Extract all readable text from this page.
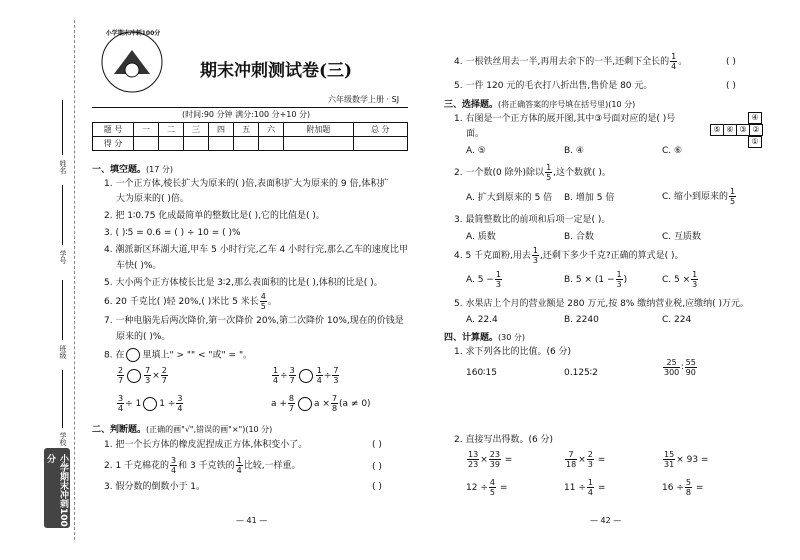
姓名
学号
班级
学校
小学期末冲刺100分
小学期末冲刺100分
期末冲刺测试卷(三)
六年级数学上册 · SJ
(时间:90 分钟 满分:100 分+10 分)
题 号	一	二	三	四	五	六	附加题	总 分
得 分								
一、填空题。(17 分)
1. 一个正方体,棱长扩大为原来的( )倍,表面积扩大为原来的 9 倍,体积扩
大为原来的( )倍。
2. 把 1∶0.75 化成最简单的整数比是( ),它的比值是( )。
3. ( )∶5 = 0.6 = ( ) ÷ 10 = ( )%
4. 潮派新区环湖大道,甲车 5 小时行完,乙车 4 小时行完,那么乙车的速度比甲
车快( )%。
5. 大小两个正方体棱长比是 3∶2,那么表面积的比是( ),体积的比是( )。
6. 20 千克比( )轻 20%,( )米比 5 米长 $\frac{4}{5}$ 。
7. 一种电脑先后两次降价,第一次降价 20%,第二次降价 10%,现在的价钱是
原来的( )%。
8. 在 里填上" > "" < "或" = "。
$\frac{2}{7}$	$\frac{7}{3} \times \frac{2}{7}$	$\frac{1}{4} \div \frac{3}{7}$	$\frac{1}{4} \div \frac{7}{3}$
$\frac{3}{4} \div 1$ $1 \div \frac{3}{4}$	$a + \frac{8}{7}$ $a \times \frac{7}{8} (a \ne 0)$
二、判断题。(正确的画"√",错误的画"×")(10 分)
1. 把一个长方体的橡皮泥捏成正方体,体积变小了。	( )
2. 1 千克棉花的 $\frac{3}{4}$ 和 3 千克铁的 $\frac{1}{4}$ 比较,一样重。	( )
3. 假分数的倒数小于 1。	( )
— 41 —
4. 一根铁丝用去一半,再用去余下的一半,还剩下全长的 $\frac{1}{4}$ 。	( )
5. 一件 120 元的毛衣打八折出售,售价是 80 元。	( )
三、选择题。(将正确答案的序号填在括号里)(10 分)
1. 右图是一个正方体的展开图,其中③号面对应的是( )号
面。
④
⑤ ⑥ ③ ②
①
A. ⑤	B. ④	C. ⑥
2. 一个数(0 除外)除以 $\frac{1}{5}$ ,这个数就( )。
A. 扩大到原来的 5 倍 B. 增加 5 倍	C. 缩小到原来的 $\frac{1}{5}$
3. 最简整数比的前项和后项一定是( )。
A. 质数	B. 合数	C. 互质数
4. 5 千克面粉,用去 $\frac{1}{3}$ ,还剩下多少千克?正确的算式是( )。
A. $5 - \frac{1}{3}$	B. $5 \times (1 - \frac{1}{3}$ )	C. $5 \times \frac{1}{3}$
5. 水果店上个月的营业额是 280 万元,按 8% 缴纳营业税,应缴纳( )万元。
A. 22.4	B. 2240	C. 224
四、计算题。(30 分)
1. 求下列各比的比值。(6 分)
160∶15	0.125∶2	$\frac{25}{300}$ ∶ $\frac{55}{90}$
2. 直接写出得数。(6 分)
$\frac{13}{23} \times \frac{23}{39}$ =	$\frac{7}{18} \times \frac{2}{3}$ =	$\frac{15}{31} \times 93$ =
$12 \div \frac{4}{5}$ =	$11 \div \frac{1}{4}$ =	$16 \div \frac{5}{8}$ =
— 42 —
